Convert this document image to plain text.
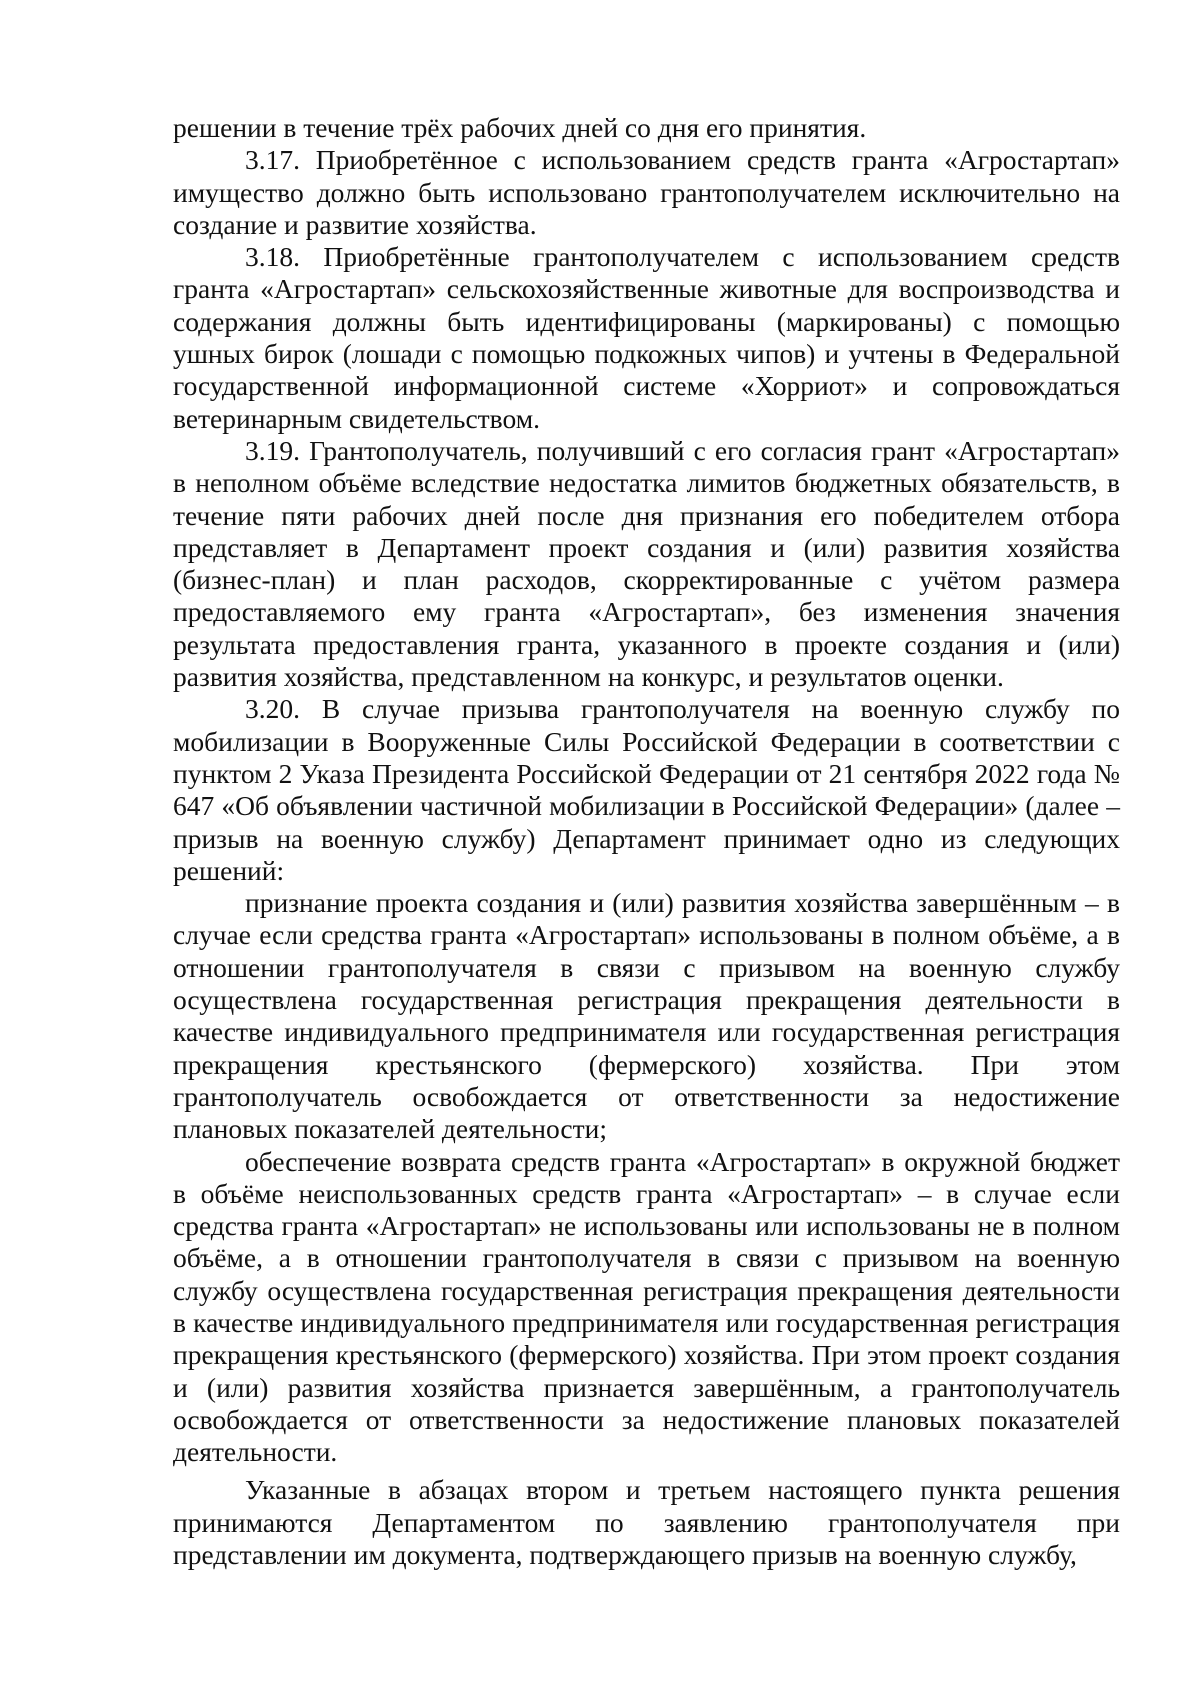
решении в течение трёх рабочих дней со дня его принятия.

3.17. Приобретённое с использованием средств гранта «Агростартап» имущество должно быть использовано грантополучателем исключительно на создание и развитие хозяйства.

3.18. Приобретённые грантополучателем с использованием средств гранта «Агростартап» сельскохозяйственные животные для воспроизводства и содержания должны быть идентифицированы (маркированы) с помощью ушных бирок (лошади с помощью подкожных чипов) и учтены в Федеральной государственной информационной системе «Хорриот» и сопровождаться ветеринарным свидетельством.

3.19. Грантополучатель, получивший с его согласия грант «Агростартап» в неполном объёме вследствие недостатка лимитов бюджетных обязательств, в течение пяти рабочих дней после дня признания его победителем отбора представляет в Департамент проект создания и (или) развития хозяйства (бизнес-план) и план расходов, скорректированные с учётом размера предоставляемого ему гранта «Агростартап», без изменения значения результата предоставления гранта, указанного в проекте создания и (или) развития хозяйства, представленном на конкурс, и результатов оценки.

3.20. В случае призыва грантополучателя на военную службу по мобилизации в Вооруженные Силы Российской Федерации в соответствии с пунктом 2 Указа Президента Российской Федерации от 21 сентября 2022 года № 647 «Об объявлении частичной мобилизации в Российской Федерации» (далее – призыв на военную службу) Департамент принимает одно из следующих решений:

признание проекта создания и (или) развития хозяйства завершённым – в случае если средства гранта «Агростартап» использованы в полном объёме, а в отношении грантополучателя в связи с призывом на военную службу осуществлена государственная регистрация прекращения деятельности в качестве индивидуального предпринимателя или государственная регистрация прекращения крестьянского (фермерского) хозяйства. При этом грантополучатель освобождается от ответственности за недостижение плановых показателей деятельности;

обеспечение возврата средств гранта «Агростартап» в окружной бюджет в объёме неиспользованных средств гранта «Агростартап» – в случае если средства гранта «Агростартап» не использованы или использованы не в полном объёме, а в отношении грантополучателя в связи с призывом на военную службу осуществлена государственная регистрация прекращения деятельности в качестве индивидуального предпринимателя или государственная регистрация прекращения крестьянского (фермерского) хозяйства. При этом проект создания и (или) развития хозяйства признается завершённым, а грантополучатель освобождается от ответственности за недостижение плановых показателей деятельности.

Указанные в абзацах втором и третьем настоящего пункта решения принимаются Департаментом по заявлению грантополучателя при представлении им документа, подтверждающего призыв на военную службу,
